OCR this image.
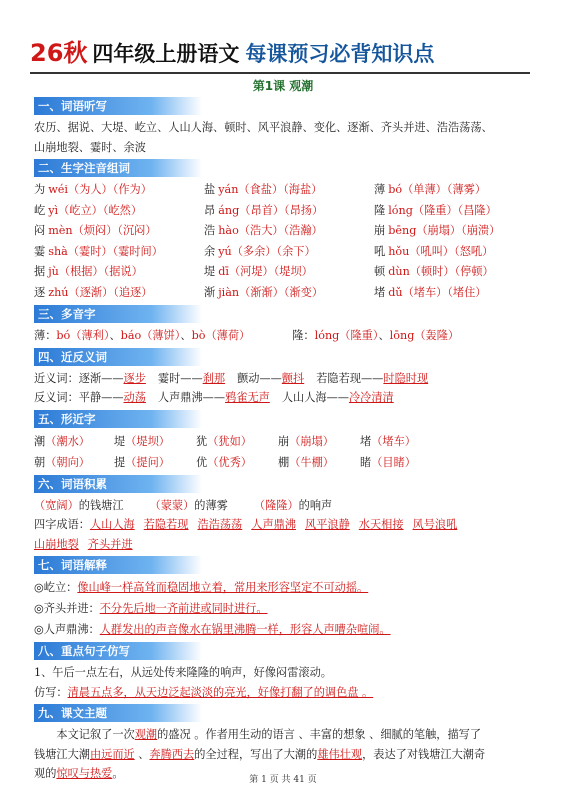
26秋 四年级上册语文 每课预习必背知识点
第1课 观潮
一、词语听写
农历、据说、大堤、屹立、人山人海、顿时、风平浪静、变化、逐渐、齐头并进、浩浩荡荡、
山崩地裂、霎时、余波
二、生字注音组词
为 wéi（为人）（作为）	盐 yán（食盐）（海盐）	薄 bó（单薄）（薄雾）
屹 yì（屹立）（屹然）	昂 áng（昂首）（昂扬）	隆 lóng（隆重）（昌隆）
闷 mèn（烦闷）（沉闷）	浩 hào（浩大）（浩瀚）	崩 bēng（崩塌）（崩溃）
霎 shà（霎时）（霎时间）	余 yú（多余）（余下）	吼 hǒu（吼叫）（怒吼）
据 jù（根据）（据说）	堤 dī（河堤）（堤坝）	顿 dùn（顿时）（停顿）
逐 zhú（逐渐）（追逐）	渐 jiàn（渐渐）（渐变）	堵 dǔ（堵车）（堵住）
三、多音字
薄：bó（薄利）、báo（薄饼）、bò（薄荷）	隆：lóng（隆重）、lōng（轰隆）
四、近反义词
近义词：逐渐——逐步 霎时——刹那 颤动——颤抖 若隐若现——时隐时现
反义词：平静——动荡 人声鼎沸——鸦雀无声 人山人海——冷冷清清
五、形近字
潮（潮水） 堤（堤坝） 犹（犹如） 崩（崩塌） 堵（堵车）
朝（朝向） 提（提问） 优（优秀） 棚（牛棚） 睹（目睹）
六、词语积累
（宽阔）的钱塘江 （蒙蒙）的薄雾 （隆隆）的响声
四字成语：人山人海 若隐若现 浩浩荡荡 人声鼎沸 风平浪静 水天相接 风号浪吼
山崩地裂 齐头并进
七、词语解释
◎屹立：像山峰一样高耸而稳固地立着，常用来形容坚定不可动摇。
◎齐头并进：不分先后地一齐前进或同时进行。
◎人声鼎沸：人群发出的声音像水在锅里沸腾一样，形容人声嘈杂喧闹。
八、重点句子仿写
1、午后一点左右，从远处传来隆隆的响声，好像闷雷滚动。
仿写：清晨五点多，从天边泛起淡淡的亮光，好像打翻了的调色盘 。
九、课文主题
本文记叙了一次观潮的盛况 。作者用生动的语言 、丰富的想象 、细腻的笔触，描写了
钱塘江大潮由远而近 、奔腾西去的全过程，写出了大潮的雄伟壮观，表达了对钱塘江大潮奇
观的惊叹与热爱。	第 1 页 共 41 页
